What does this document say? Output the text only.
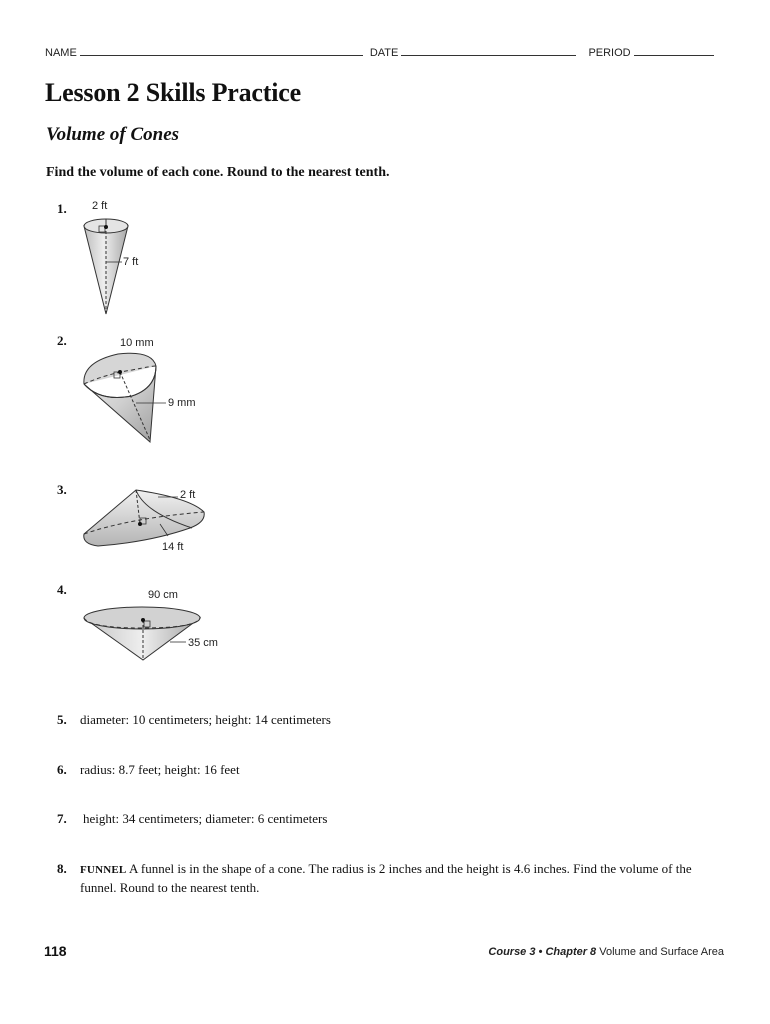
NAME	DATE	PERIOD
Lesson 2 Skills Practice
Volume of Cones
Find the volume of each cone. Round to the nearest tenth.
1. 2 ft
7 ft
2.	10 mm
9 mm
3.	2 ft
14 ft
4.	90 cm
35 cm
5. diameter: 10 centimeters; height: 14 centimeters
6. radius: 8.7 feet; height: 16 feet
7. height: 34 centimeters; diameter: 6 centimeters
8. FUNNEL A funnel is in the shape of a cone. The radius is 2 inches and the height is 4.6 inches. Find the volume of the funnel. Round to the nearest tenth.
118	Course 3 • Chapter 8 Volume and Surface Area
